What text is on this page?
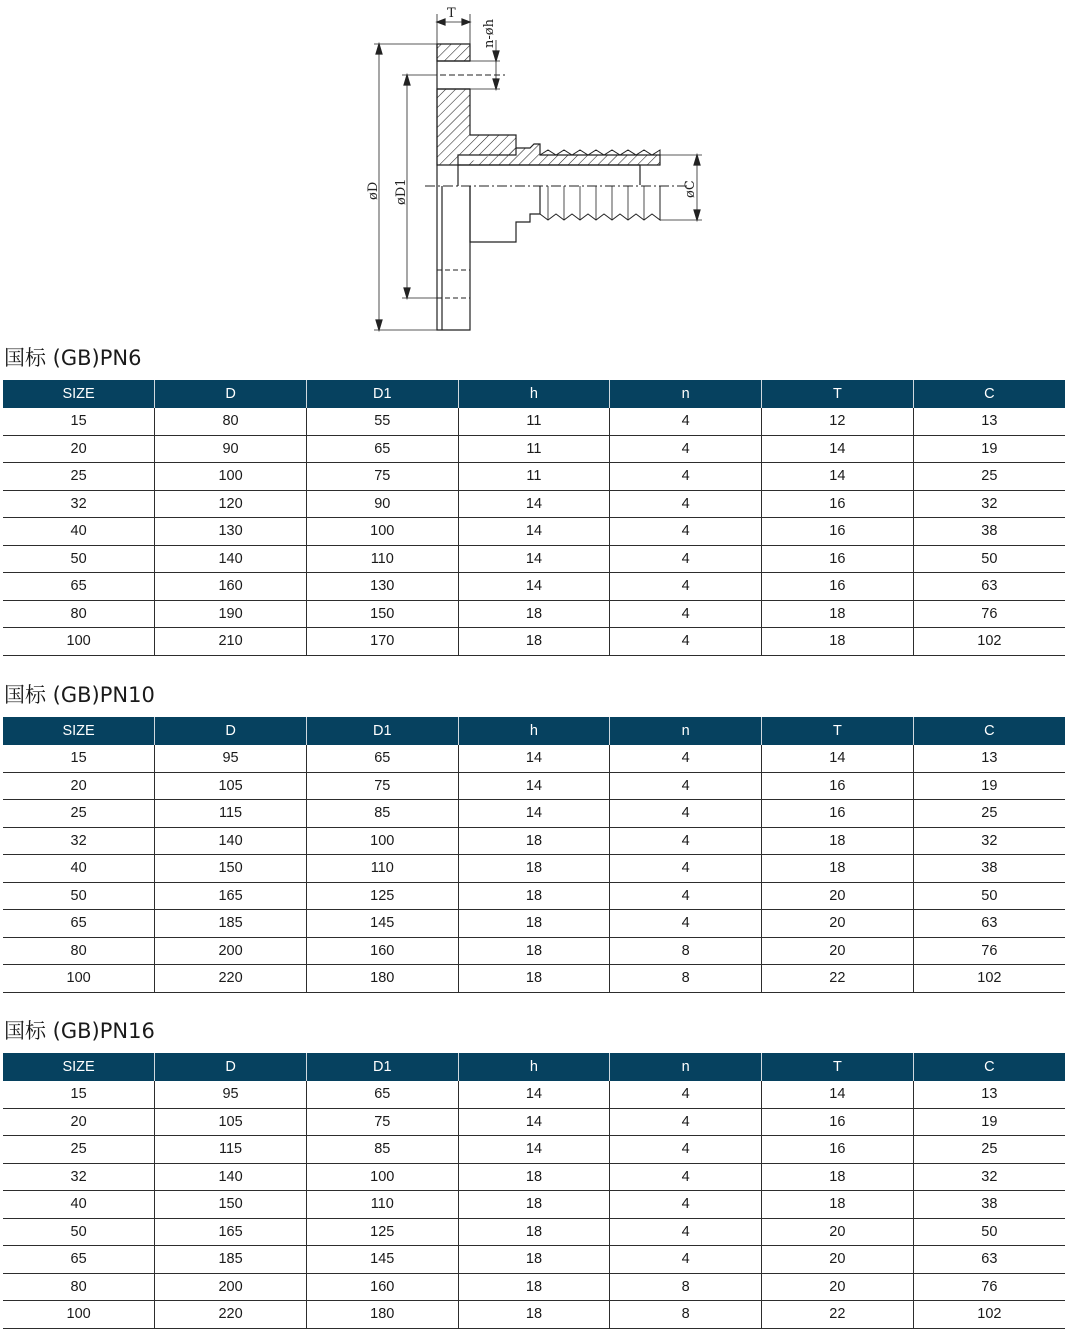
T
n-øh
øD øD1	øC
国标 (GB)PN6
SIZE	D	D1	h	n	T	C
15	80	55	11	4	12	13
20	90	65	11	4	14	19
25	100	75	11	4	14	25
32	120	90	14	4	16	32
40	130	100	14	4	16	38
50	140	110	14	4	16	50
65	160	130	14	4	16	63
80	190	150	18	4	18	76
100	210	170	18	4	18	102
国标 (GB)PN10
SIZE	D	D1	h	n	T	C
15	95	65	14	4	14	13
20	105	75	14	4	16	19
25	115	85	14	4	16	25
32	140	100	18	4	18	32
40	150	110	18	4	18	38
50	165	125	18	4	20	50
65	185	145	18	4	20	63
80	200	160	18	8	20	76
100	220	180	18	8	22	102
国标 (GB)PN16
SIZE	D	D1	h	n	T	C
15	95	65	14	4	14	13
20	105	75	14	4	16	19
25	115	85	14	4	16	25
32	140	100	18	4	18	32
40	150	110	18	4	18	38
50	165	125	18	4	20	50
65	185	145	18	4	20	63
80	200	160	18	8	20	76
100	220	180	18	8	22	102
